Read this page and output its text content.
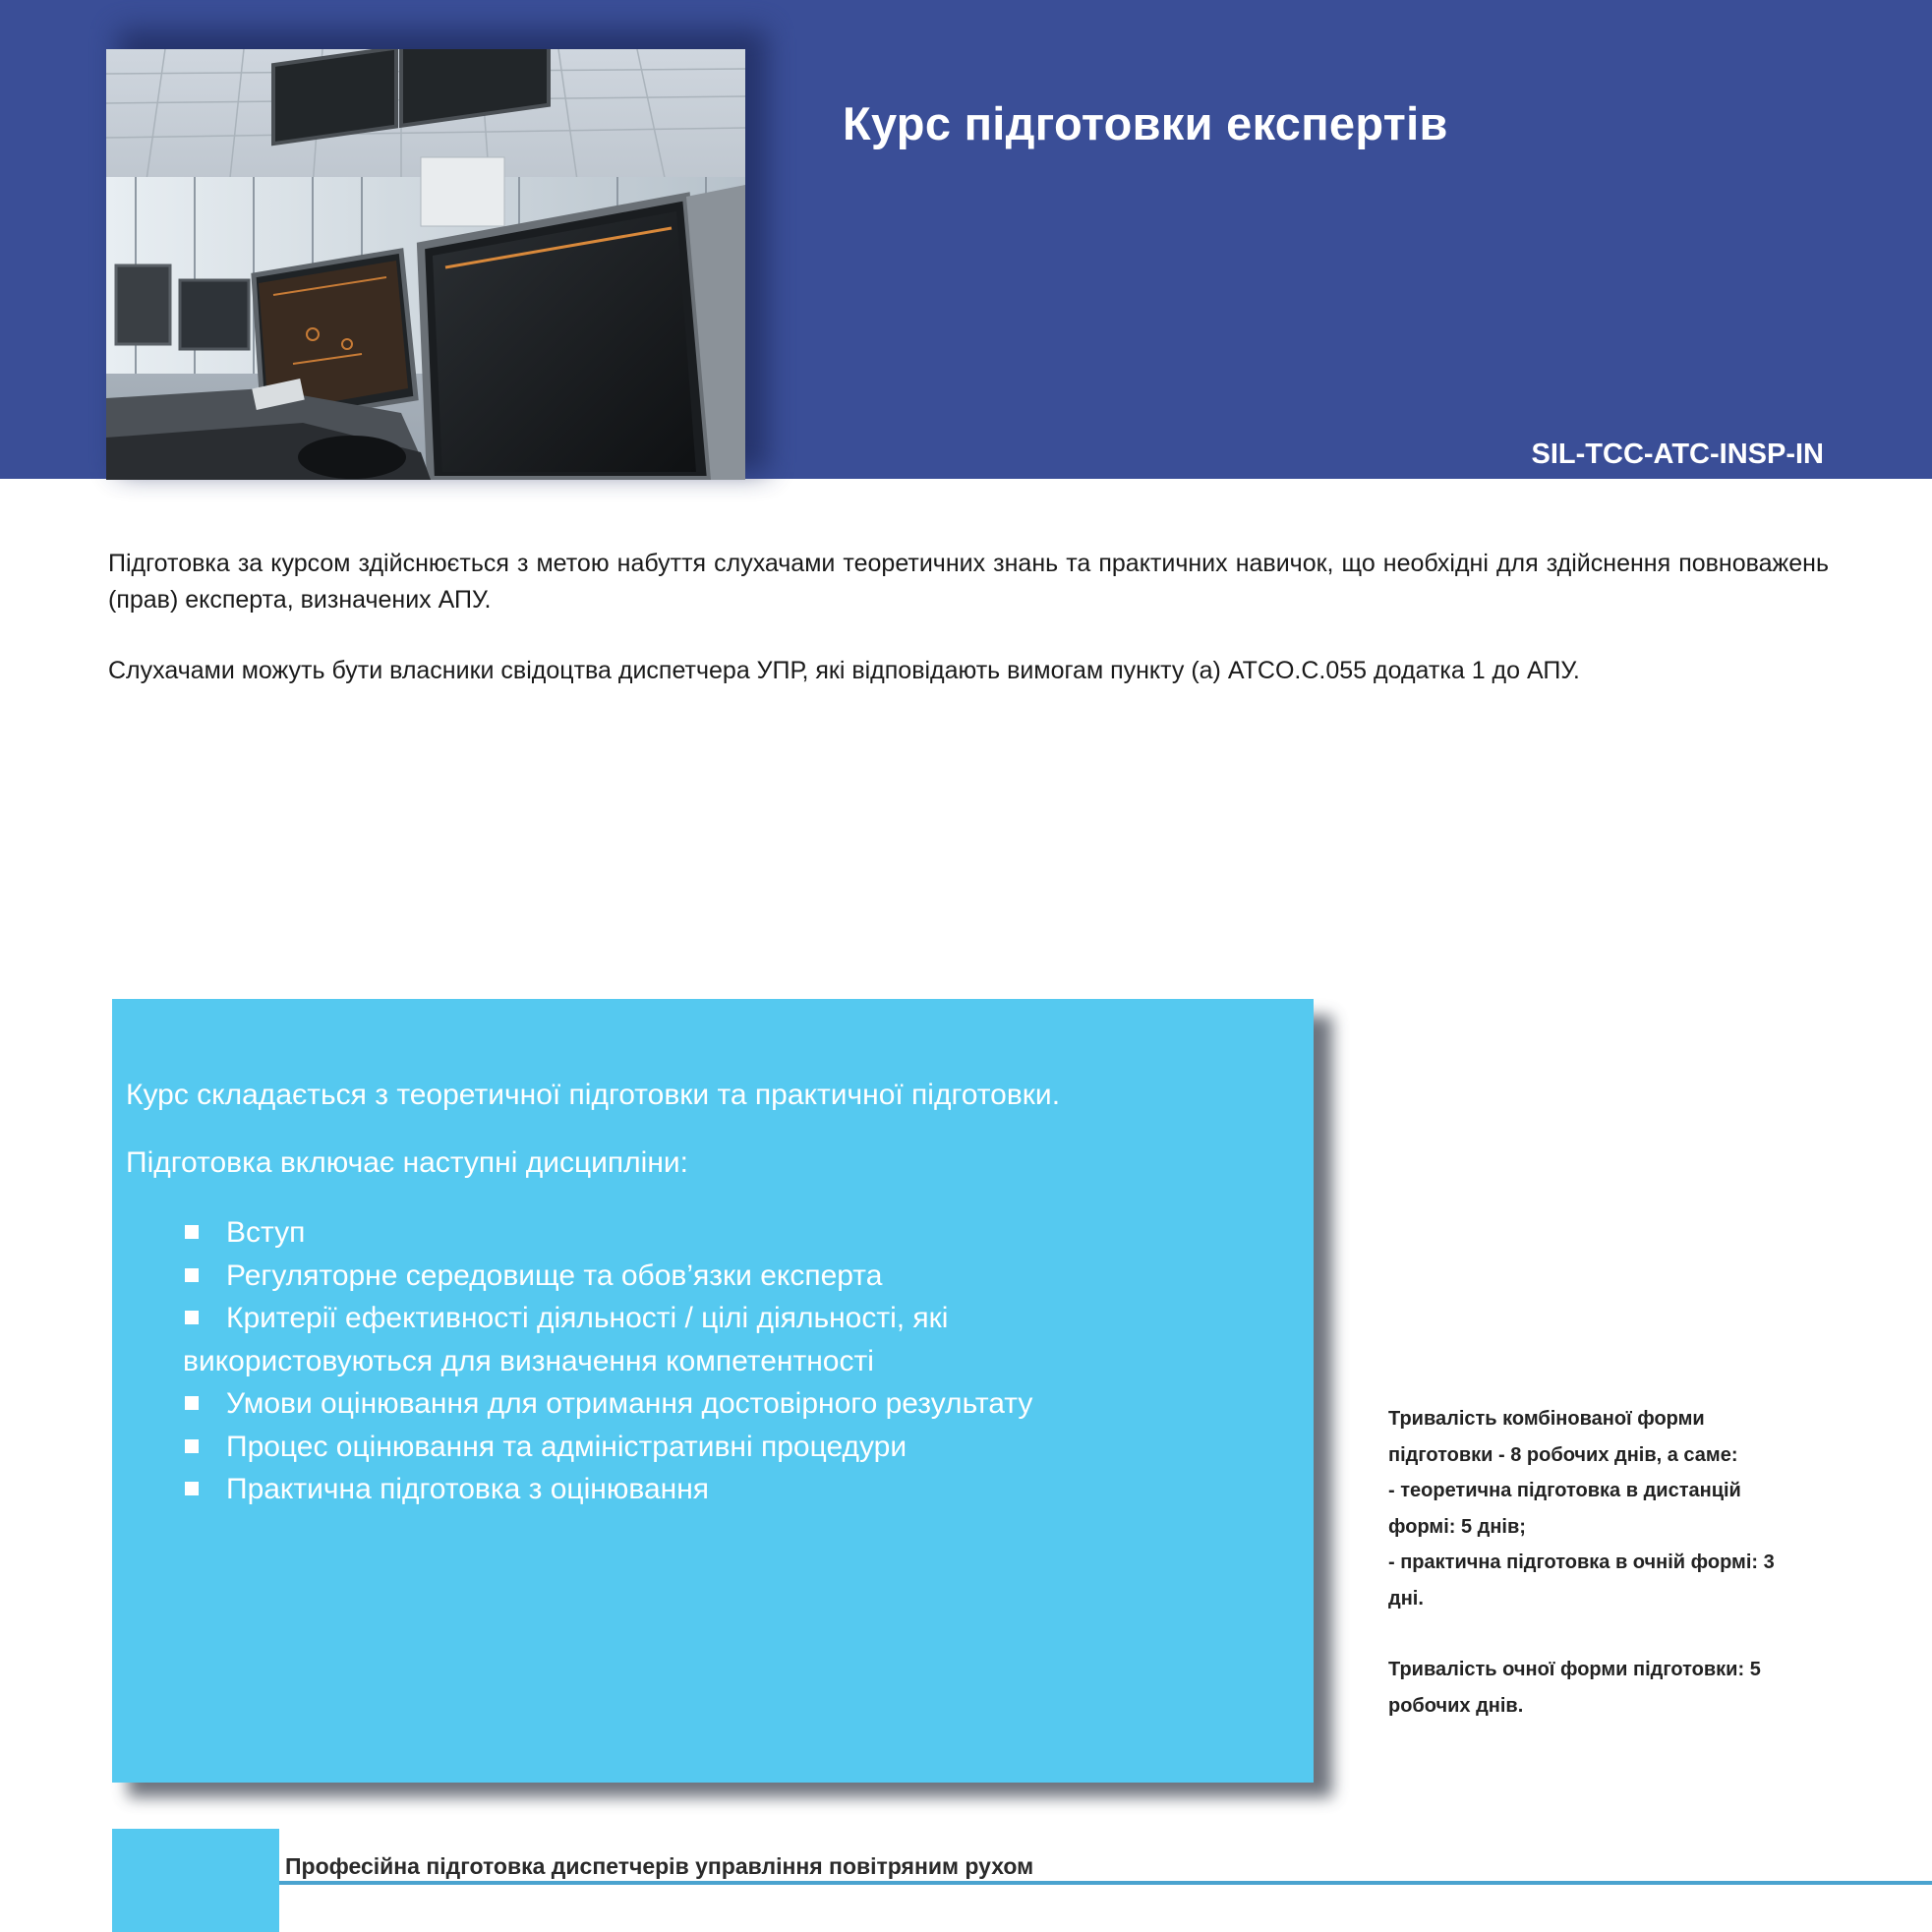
Курс підготовки експертів
SIL-TCC-ATC-INSP-IN

Підготовка за курсом здійснюється з метою набуття слухачами теоретичних знань та практичних навичок, що необхідні для здійснення повноважень (прав) експерта, визначених АПУ.

Слухачами можуть бути власники свідоцтва диспетчера УПР, які відповідають вимогам пункту (а) ATCO.C.055 додатка 1 до АПУ.

Курс складається з теоретичної підготовки та практичної підготовки.

Підготовка включає наступні дисципліни:

Вступ
Регуляторне середовище та обов’язки експерта
Критерії ефективності діяльності / цілі діяльності, які використовуються для визначення компетентності
Умови оцінювання для отримання достовірного результату
Процес оцінювання та адміністративні процедури
Практична підготовка з оцінювання

Тривалість комбінованої форми підготовки - 8 робочих днів, а саме:
- теоретична підготовка в дистанцій формі: 5 днів;
- практична підготовка в очній формі: 3 дні.

Тривалість очної форми підготовки: 5 робочих днів.

Професійна підготовка диспетчерів управління повітряним рухом
